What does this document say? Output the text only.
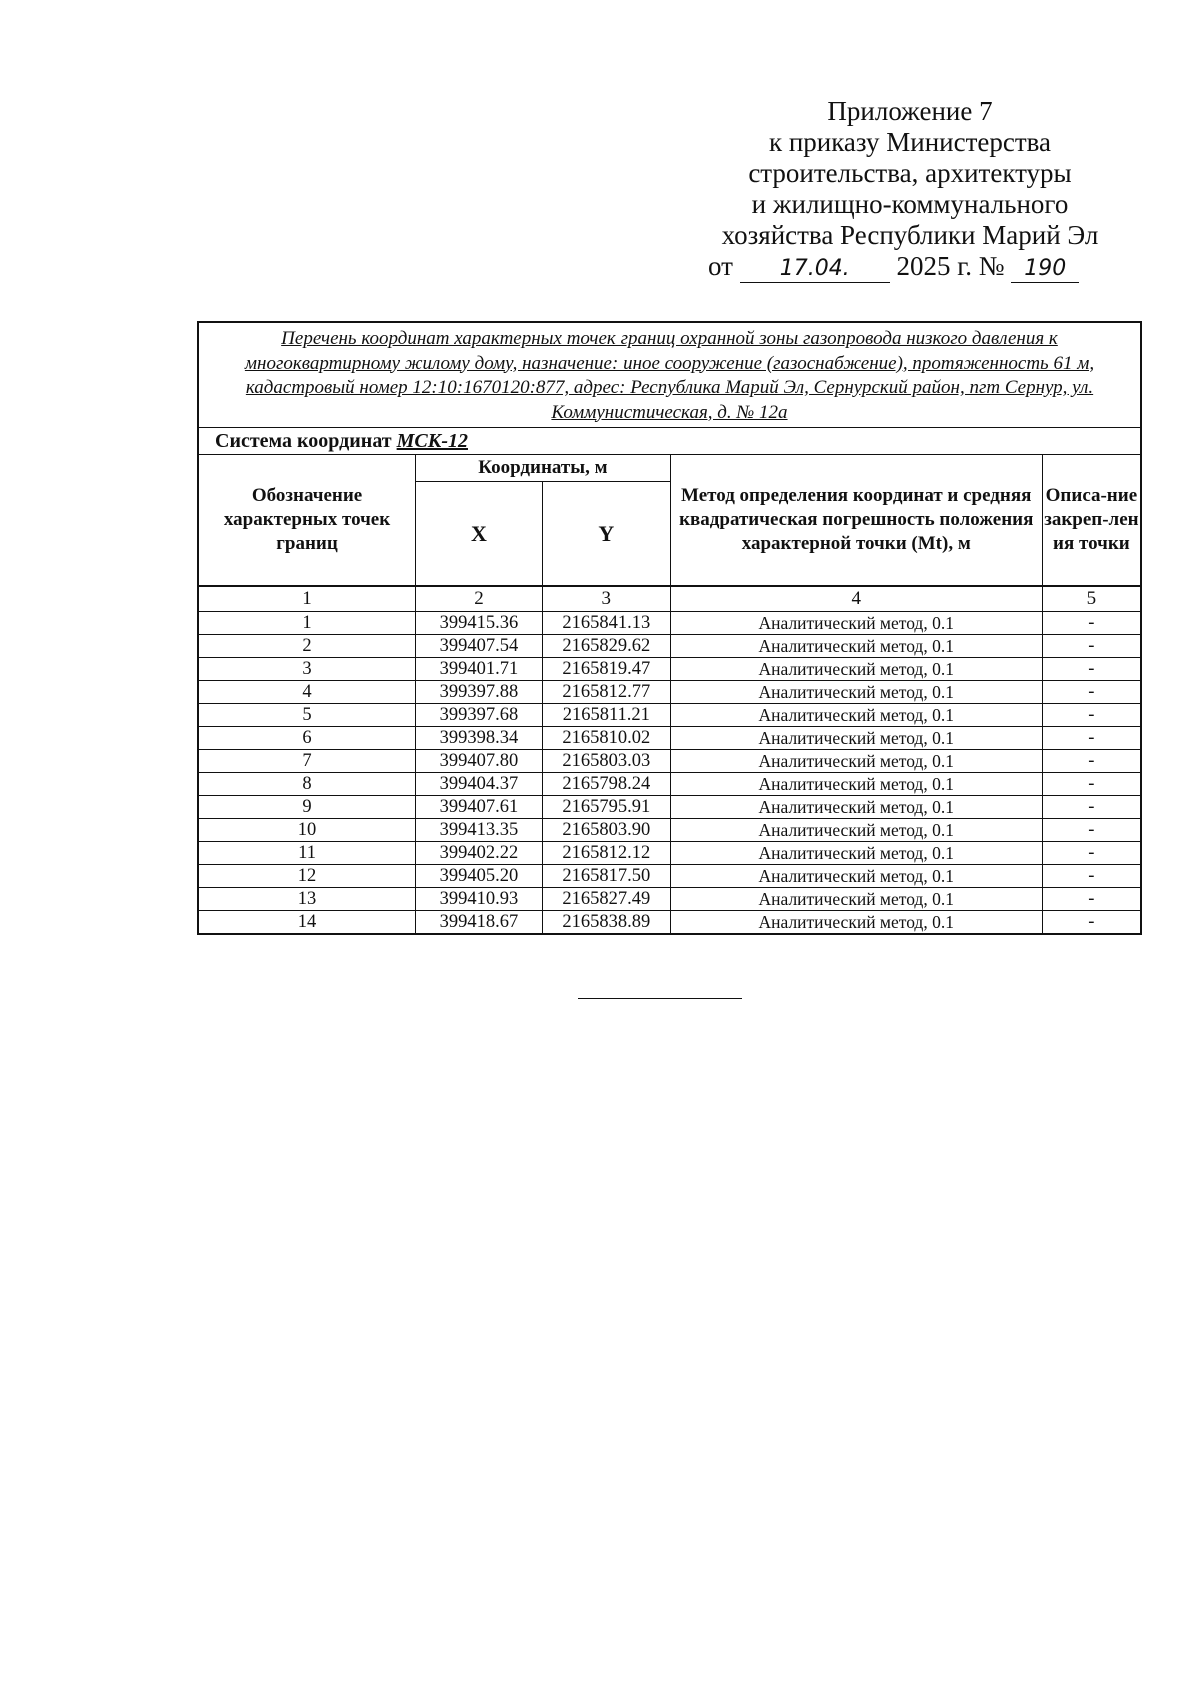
Приложение 7
к приказу Министерства
строительства, архитектуры
и жилищно-коммунального
хозяйства Республики Марий Эл
от 17.04. 2025 г. № 190
Перечень координат характерных точек границ охранной зоны газопровода низкого давления к многоквартирному жилому дому, назначение: иное сооружение (газоснабжение), протяженность 61 м, кадастровый номер 12:10:1670120:877, адрес: Республика Марий Эл, Сернурский район, пгт Сернур, ул. Коммунистическая, д. № 12а				
Система координат МСК-12				
Обозначение характерных точек границ	Координаты, м		Метод определения координат и средняя квадратическая погрешность положения характерной точки (Mt), м	Описа-ние закреп-ления точки
	X	Y		
1	2	3	4	5
1	399415.36	2165841.13	Аналитический метод, 0.1	-
2	399407.54	2165829.62	Аналитический метод, 0.1	-
3	399401.71	2165819.47	Аналитический метод, 0.1	-
4	399397.88	2165812.77	Аналитический метод, 0.1	-
5	399397.68	2165811.21	Аналитический метод, 0.1	-
6	399398.34	2165810.02	Аналитический метод, 0.1	-
7	399407.80	2165803.03	Аналитический метод, 0.1	-
8	399404.37	2165798.24	Аналитический метод, 0.1	-
9	399407.61	2165795.91	Аналитический метод, 0.1	-
10	399413.35	2165803.90	Аналитический метод, 0.1	-
11	399402.22	2165812.12	Аналитический метод, 0.1	-
12	399405.20	2165817.50	Аналитический метод, 0.1	-
13	399410.93	2165827.49	Аналитический метод, 0.1	-
14	399418.67	2165838.89	Аналитический метод, 0.1	-
